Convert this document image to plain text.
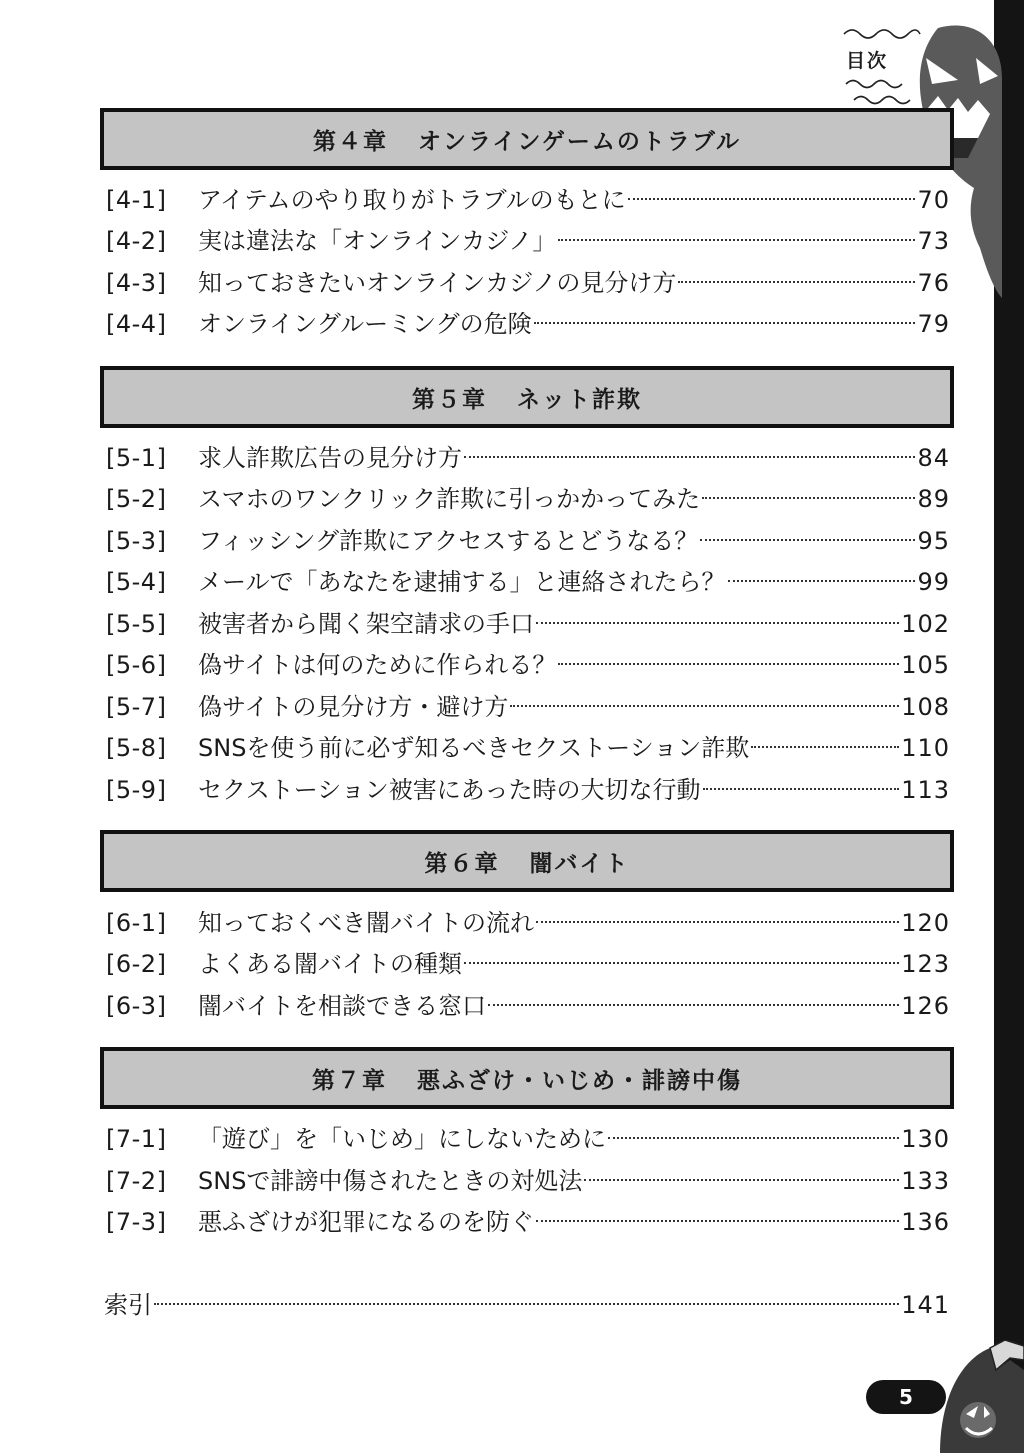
目次
第４章 オンラインゲームのトラブル
[4-1]	アイテムのやり取りがトラブルのもとに	70
[4-2]	実は違法な「オンラインカジノ」	73
[4-3]	知っておきたいオンラインカジノの見分け方	76
[4-4]	オンライングルーミングの危険	79
第５章 ネット詐欺
[5-1]	求人詐欺広告の見分け方	84
[5-2]	スマホのワンクリック詐欺に引っかかってみた	89
[5-3]	フィッシング詐欺にアクセスするとどうなる？	95
[5-4]	メールで「あなたを逮捕する」と連絡されたら？	99
[5-5]	被害者から聞く架空請求の手口	102
[5-6]	偽サイトは何のために作られる？	105
[5-7]	偽サイトの見分け方・避け方	108
[5-8]	SNSを使う前に必ず知るべきセクストーション詐欺	110
[5-9]	セクストーション被害にあった時の大切な行動	113
第６章 闇バイト
[6-1]	知っておくべき闇バイトの流れ	120
[6-2]	よくある闇バイトの種類	123
[6-3]	闇バイトを相談できる窓口	126
第７章 悪ふざけ・いじめ・誹謗中傷
[7-1]	「遊び」を「いじめ」にしないために	130
[7-2]	SNSで誹謗中傷されたときの対処法	133
[7-3]	悪ふざけが犯罪になるのを防ぐ	136
索引	141
5
